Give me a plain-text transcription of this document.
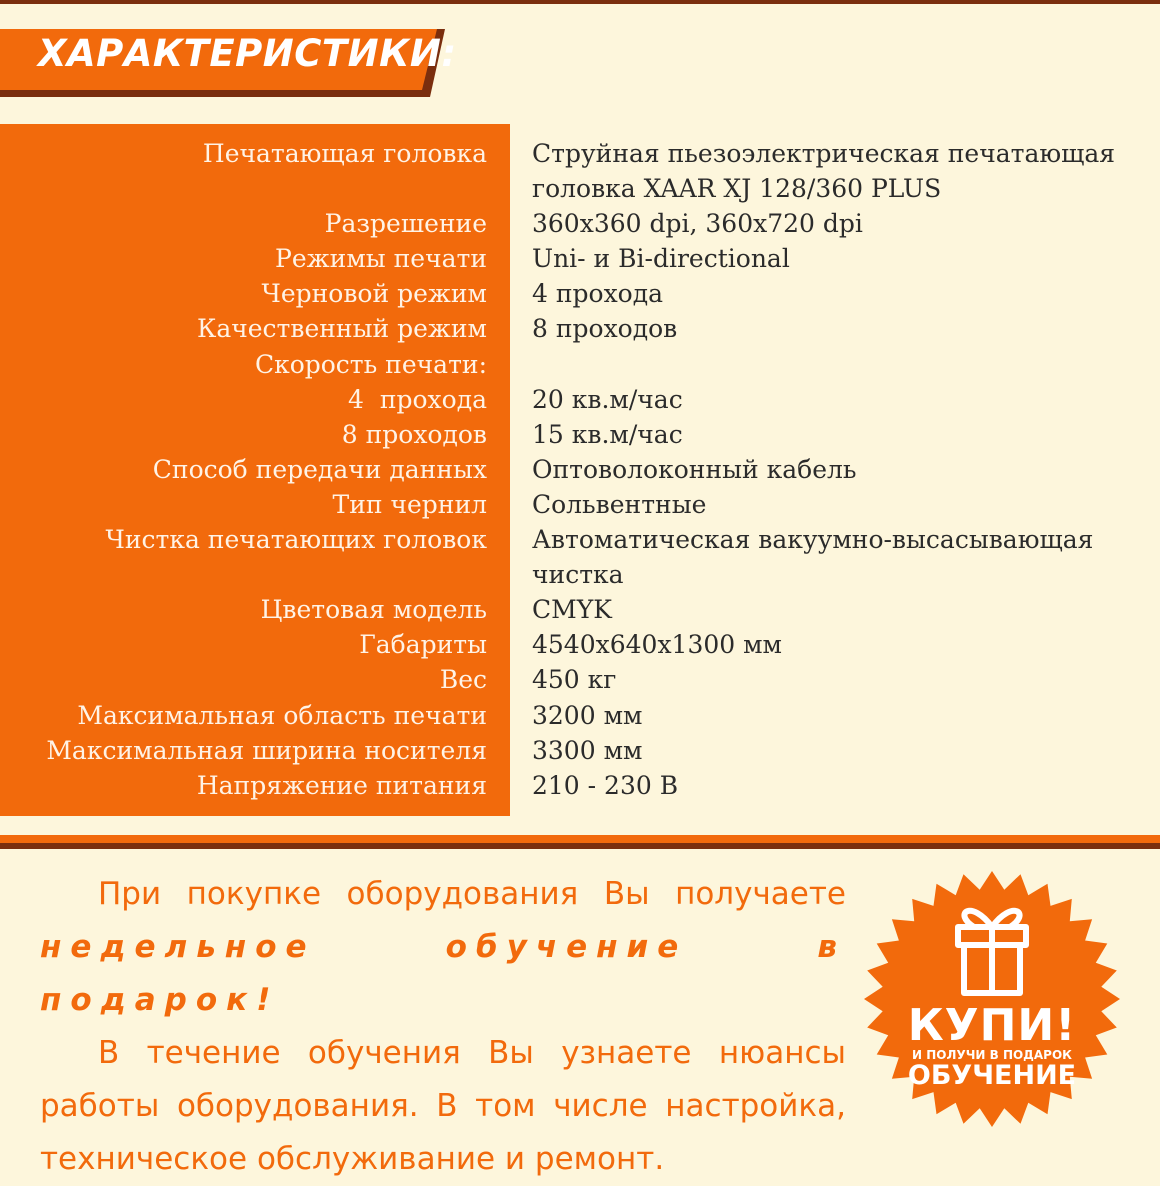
ХАРАКТЕРИСТИКИ:
Печатающая головка Струйная пьезоэлектрическая печатающая
головка XAAR XJ 128/360 PLUS
Разрешение 360x360 dpi, 360x720 dpi
Режимы печати Uni- и Bi-directional
Черновой режим 4 прохода
Качественный режим 8 проходов
Скорость печати:
4  прохода 20 кв.м/час
8 проходов 15 кв.м/час
Способ передачи данных Оптоволоконный кабель
Тип чернил Сольвентные
Чистка печатающих головок Автоматическая вакуумно-высасывающая
чистка
Цветовая модель CMYK
Габариты 4540x640x1300 мм
Вес 450 кг
Максимальная область печати 3200 мм
Максимальная ширина носителя 3300 мм
Напряжение питания 210 - 230 В

При покупке оборудования Вы получаете

недельное обучение в подарок!

В течение обучения Вы узнаете нюансы

работы оборудования. В том числе настройка,

техническое обслуживание и ремонт.

КУПИ!
И ПОЛУЧИ В ПОДАРОК
ОБУЧЕНИЕ
